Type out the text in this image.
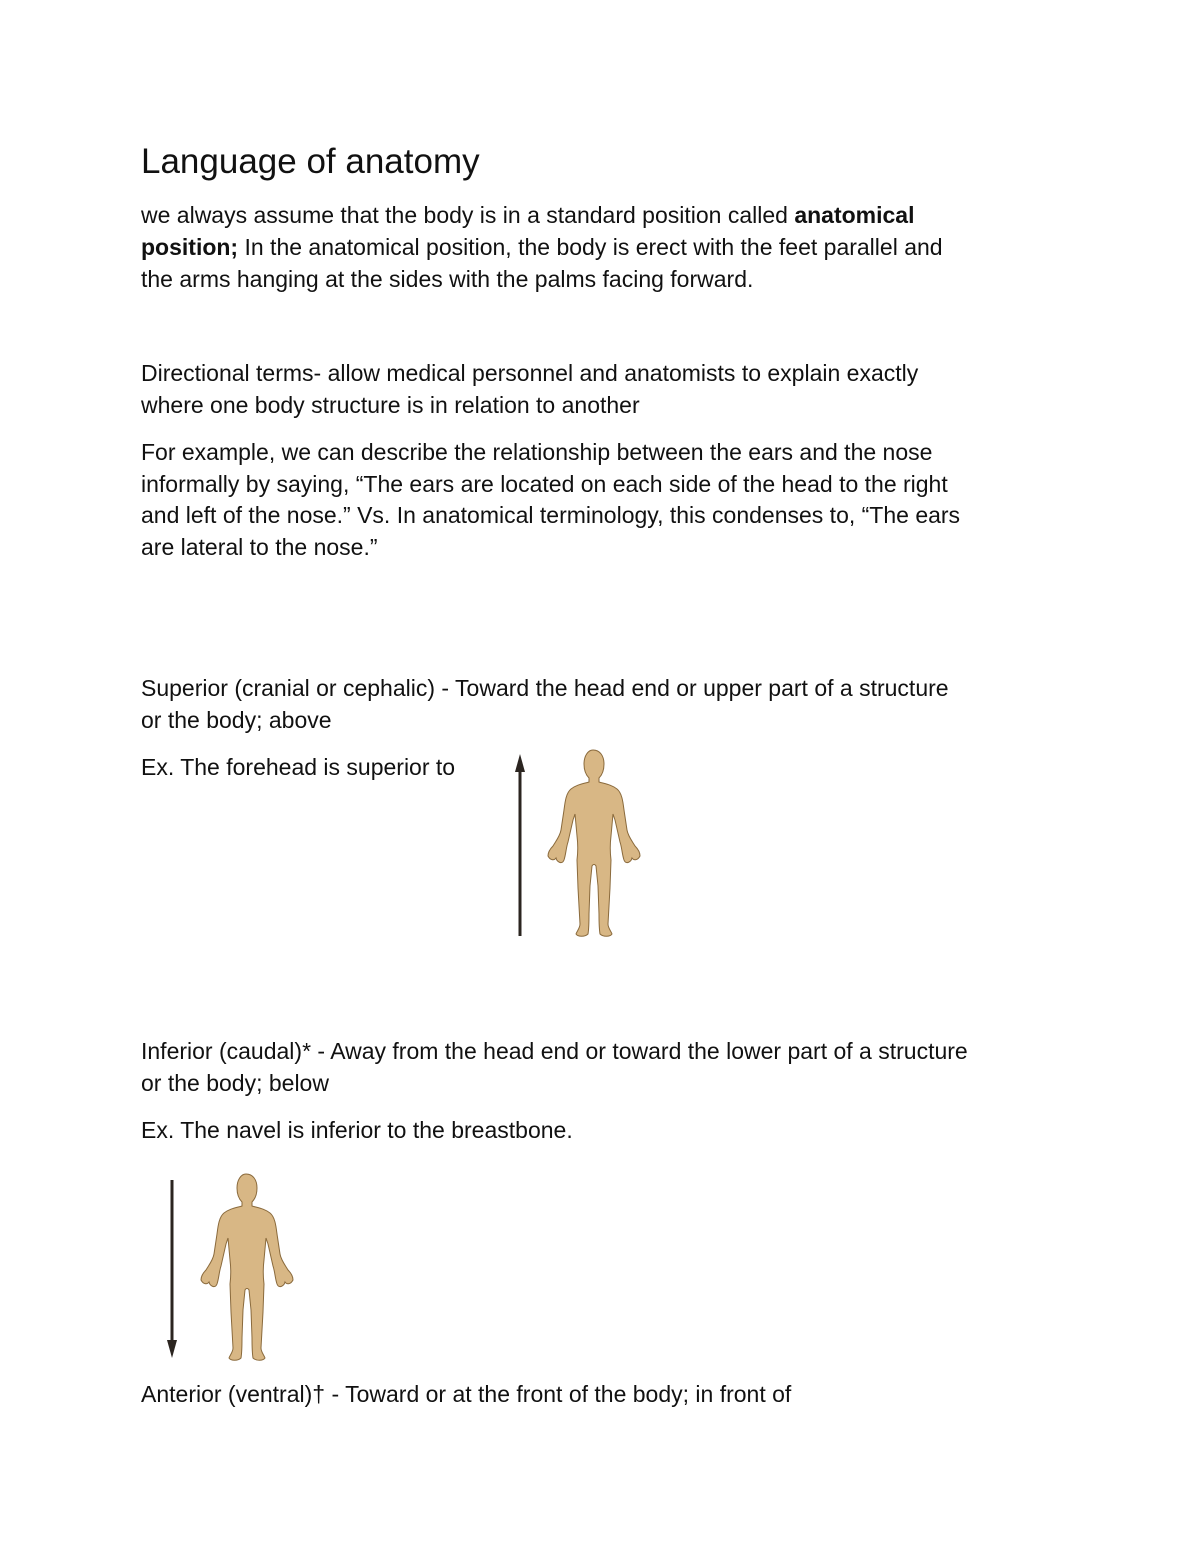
Language of anatomy

we always assume that the body is in a standard position called anatomical

position; In the anatomical position, the body is erect with the feet parallel and

the arms hanging at the sides with the palms facing forward.

Directional terms- allow medical personnel and anatomists to explain exactly

where one body structure is in relation to another

For example, we can describe the relationship between the ears and the nose

informally by saying, “The ears are located on each side of the head to the right

and left of the nose.” Vs. In anatomical terminology, this condenses to, “The ears

are lateral to the nose.”

Superior (cranial or cephalic) - Toward the head end or upper part of a structure

or the body; above

Ex. The forehead is superior to

Inferior (caudal)* - Away from the head end or toward the lower part of a structure

or the body; below

Ex. The navel is inferior to the breastbone.

Anterior (ventral)† - Toward or at the front of the body; in front of
